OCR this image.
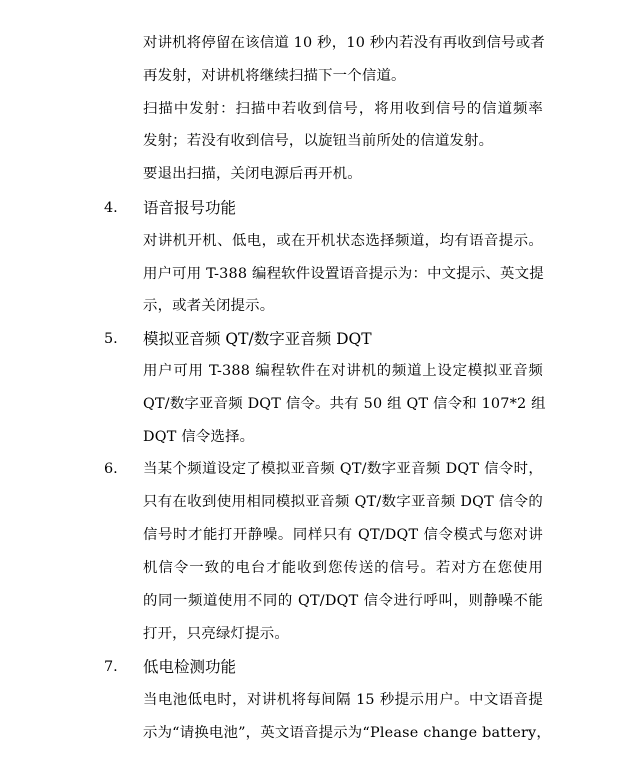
对讲机将停留在该信道 10 秒，10 秒内若没有再收到信号或者
再发射，对讲机将继续扫描下一个信道。
扫描中发射：扫描中若收到信号，将用收到信号的信道频率
发射；若没有收到信号，以旋钮当前所处的信道发射。
要退出扫描，关闭电源后再开机。
4. 语音报号功能
对讲机开机、低电，或在开机状态选择频道，均有语音提示。
用户可用 T-388 编程软件设置语音提示为：中文提示、英文提
示，或者关闭提示。
5. 模拟亚音频 QT/数字亚音频 DQT
用户可用 T-388 编程软件在对讲机的频道上设定模拟亚音频
QT/数字亚音频 DQT 信令。共有 50 组 QT 信令和 107*2 组
DQT 信令选择。
6. 当某个频道设定了模拟亚音频 QT/数字亚音频 DQT 信令时，
只有在收到使用相同模拟亚音频 QT/数字亚音频 DQT 信令的
信号时才能打开静噪。同样只有 QT/DQT 信令模式与您对讲
机信令一致的电台才能收到您传送的信号。若对方在您使用
的同一频道使用不同的 QT/DQT 信令进行呼叫，则静噪不能
打开，只亮绿灯提示。
7. 低电检测功能
当电池低电时，对讲机将每间隔 15 秒提示用户。中文语音提
示为“请换电池”，英文语音提示为“Please change battery，
